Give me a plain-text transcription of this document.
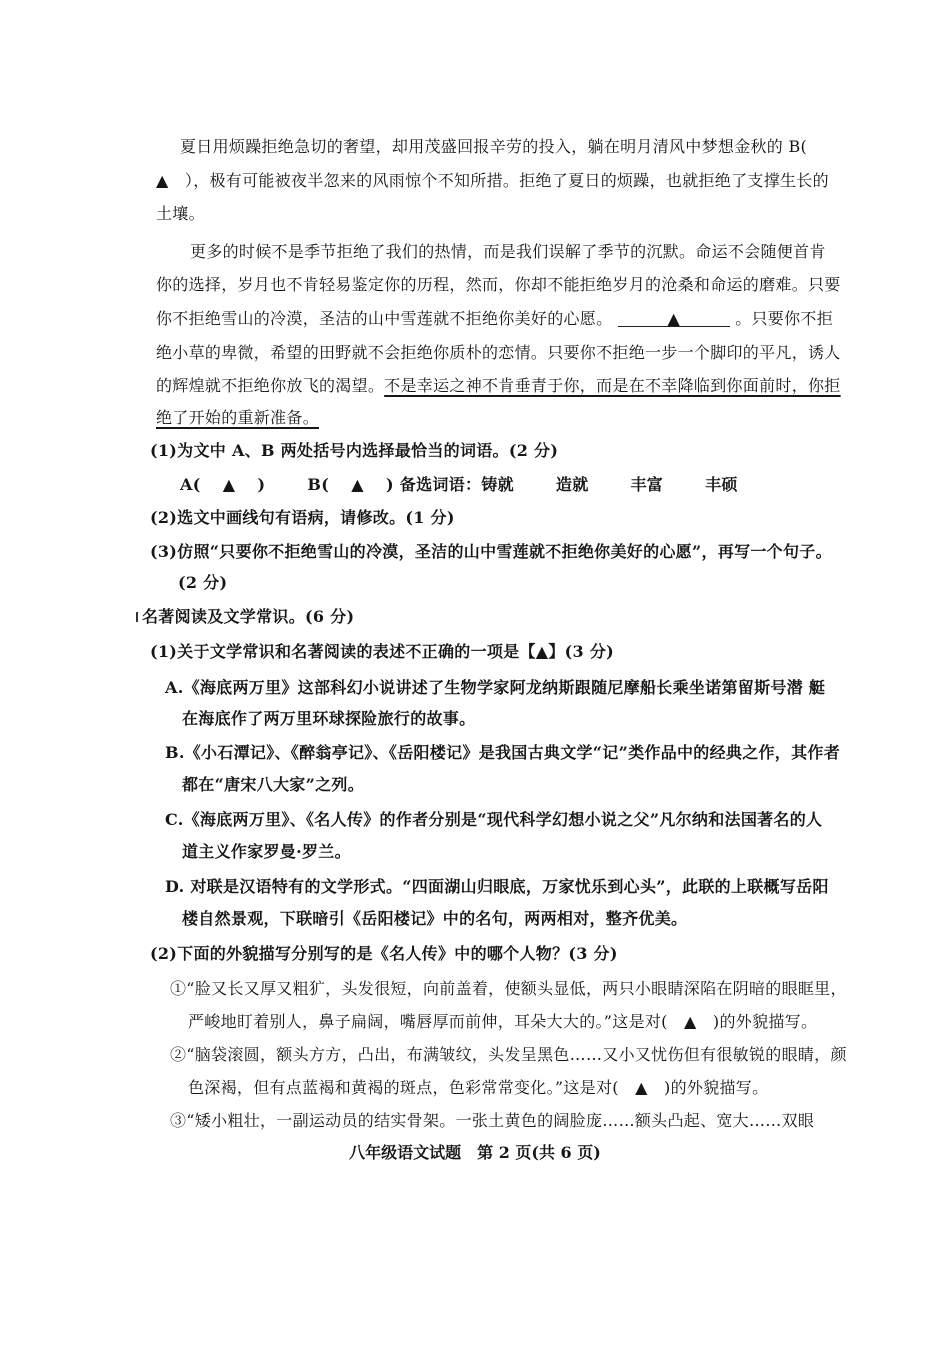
夏日用烦躁拒绝急切的奢望，却用茂盛回报辛劳的投入，躺在明月清风中梦想金秋的 B(
▲　），极有可能被夜半忽来的风雨惊个不知所措。拒绝了夏日的烦躁，也就拒绝了支撑生长的
土壤。
更多的时候不是季节拒绝了我们的热情，而是我们误解了季节的沉默。命运不会随便首肯
你的选择，岁月也不肯轻易鉴定你的历程，然而，你却不能拒绝岁月的沧桑和命运的磨难。只要
你不拒绝雪山的冷漠，圣洁的山中雪莲就不拒绝你美好的心愿。	▲	。只要你不拒
绝小草的卑微，希望的田野就不会拒绝你质朴的恋情。只要你不拒绝一步一个脚印的平凡，诱人
的辉煌就不拒绝你放飞的渴望。不是幸运之神不肯垂青于你，而是在不幸降临到你面前时，你拒
绝了开始的重新准备。
(1)为文中 A、B 两处括号内选择最恰当的词语。(2 分)
A(　 ▲　 )	B(　 ▲　 ) 备选词语：铸就	造就	丰富	丰硕
(2)选文中画线句有语病，请修改。(1 分)
(3)仿照“只要你不拒绝雪山的冷漠，圣洁的山中雪莲就不拒绝你美好的心愿”，再写一个句子。
(2 分)
名著阅读及文学常识。(6 分)
(1)关于文学常识和名著阅读的表述不正确的一项是【▲】(3 分)
A.《海底两万里》这部科幻小说讲述了生物学家阿龙纳斯跟随尼摩船长乘坐诺第留斯号潜 艇
在海底作了两万里环球探险旅行的故事。
B.《小石潭记》、《醉翁亭记》、《岳阳楼记》是我国古典文学“记”类作品中的经典之作，其作者
都在“唐宋八大家”之列。
C.《海底两万里》、《名人传》的作者分别是“现代科学幻想小说之父”凡尔纳和法国著名的人
道主义作家罗曼·罗兰。
D. 对联是汉语特有的文学形式。“四面湖山归眼底，万家忧乐到心头”，此联的上联概写岳阳
楼自然景观，下联暗引《岳阳楼记》中的名句，两两相对，整齐优美。
(2)下面的外貌描写分别写的是《名人传》中的哪个人物？(3 分)
①“脸又长又厚又粗犷，头发很短，向前盖着，使额头显低，两只小眼睛深陷在阴暗的眼眶里，
严峻地盯着别人，鼻子扁阔，嘴唇厚而前伸，耳朵大大的。”这是对(　▲　)的外貌描写。
②“脑袋滚圆，额头方方，凸出，布满皱纹，头发呈黑色……又小又忧伤但有很敏锐的眼睛，颜
色深褐，但有点蓝褐和黄褐的斑点，色彩常常变化。”这是对(　▲　)的外貌描写。
③“矮小粗壮，一副运动员的结实骨架。一张土黄色的阔脸庞……额头凸起、宽大……双眼
八年级语文试题　第 2 页(共 6 页)
